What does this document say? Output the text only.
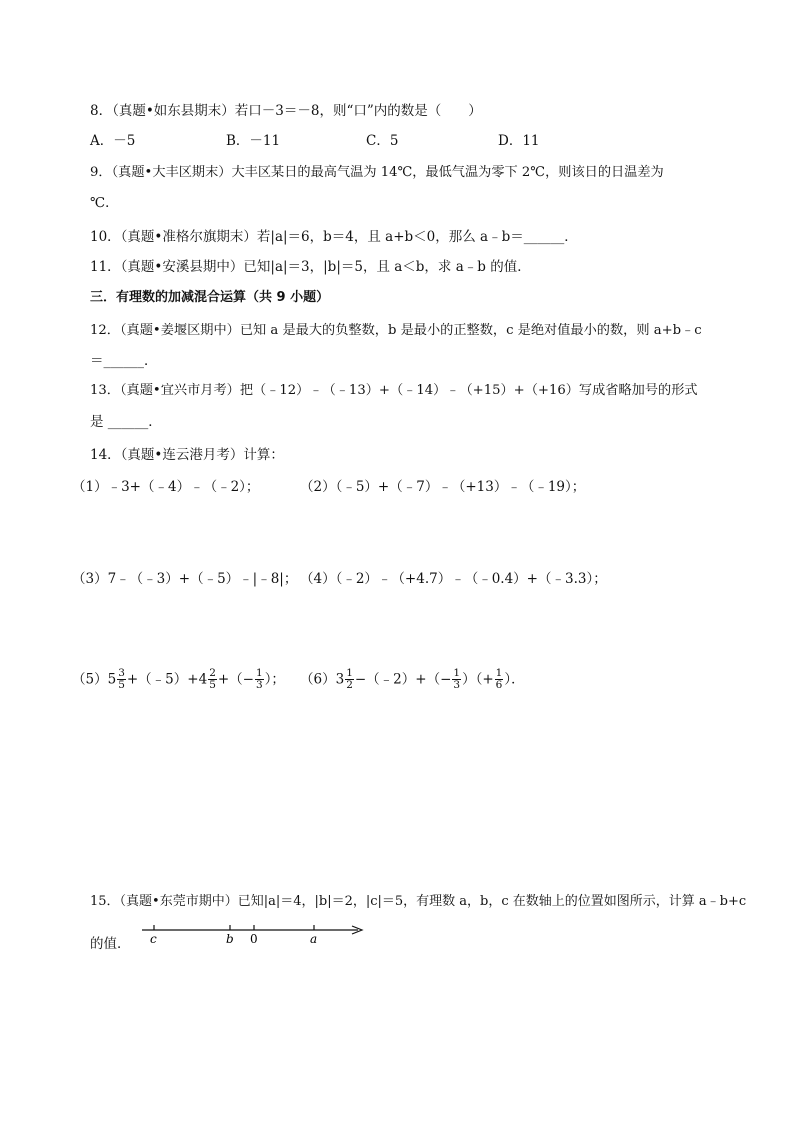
8．（真题•如东县期末）若口－3＝－8，则“口”内的数是（　　）
A．－5	B．－11	C．5	D．11
9．（真题•大丰区期末）大丰区某日的最高气温为 14℃，最低气温为零下 2℃，则该日的日温差为
℃．
10．（真题•准格尔旗期末）若|a|＝6，b＝4，且 a+b＜0，那么 a﹣b＝______．
11．（真题•安溪县期中）已知|a|＝3，|b|＝5，且 a＜b，求 a﹣b 的值．
三．有理数的加减混合运算（共 9 小题）
12．（真题•姜堰区期中）已知 a 是最大的负整数，b 是最小的正整数，c 是绝对值最小的数，则 a+b﹣c
＝______．
13．（真题•宜兴市月考）把（﹣12）﹣（﹣13）+（﹣14）﹣（+15）+（+16）写成省略加号的形式
是 ______．
14．（真题•连云港月考）计算：
（1）﹣3+（﹣4）﹣（﹣2）；	（2）（﹣5）+（﹣7）﹣（+13）﹣（﹣19）；
（3）7﹣（﹣3）+（﹣5）﹣|﹣8|； （4）（﹣2）﹣（+4.7）﹣（﹣0.4）+（﹣3.3）；
$(5)5 \frac{3}{5}$ +（﹣5）+4 $\frac{2}{5}$ +（− $\frac{1}{3}$ ）； $(6)3 \frac{1}{2}$ −（﹣2）+（− $\frac{1}{3}$ ）（+ $\frac{1}{6}$ ）．
15．（真题•东莞市期中）已知|a|＝4，|b|＝2，|c|＝5，有理数 a，b，c 在数轴上的位置如图所示，计算 a﹣b+c
的值． c	b 0	a
